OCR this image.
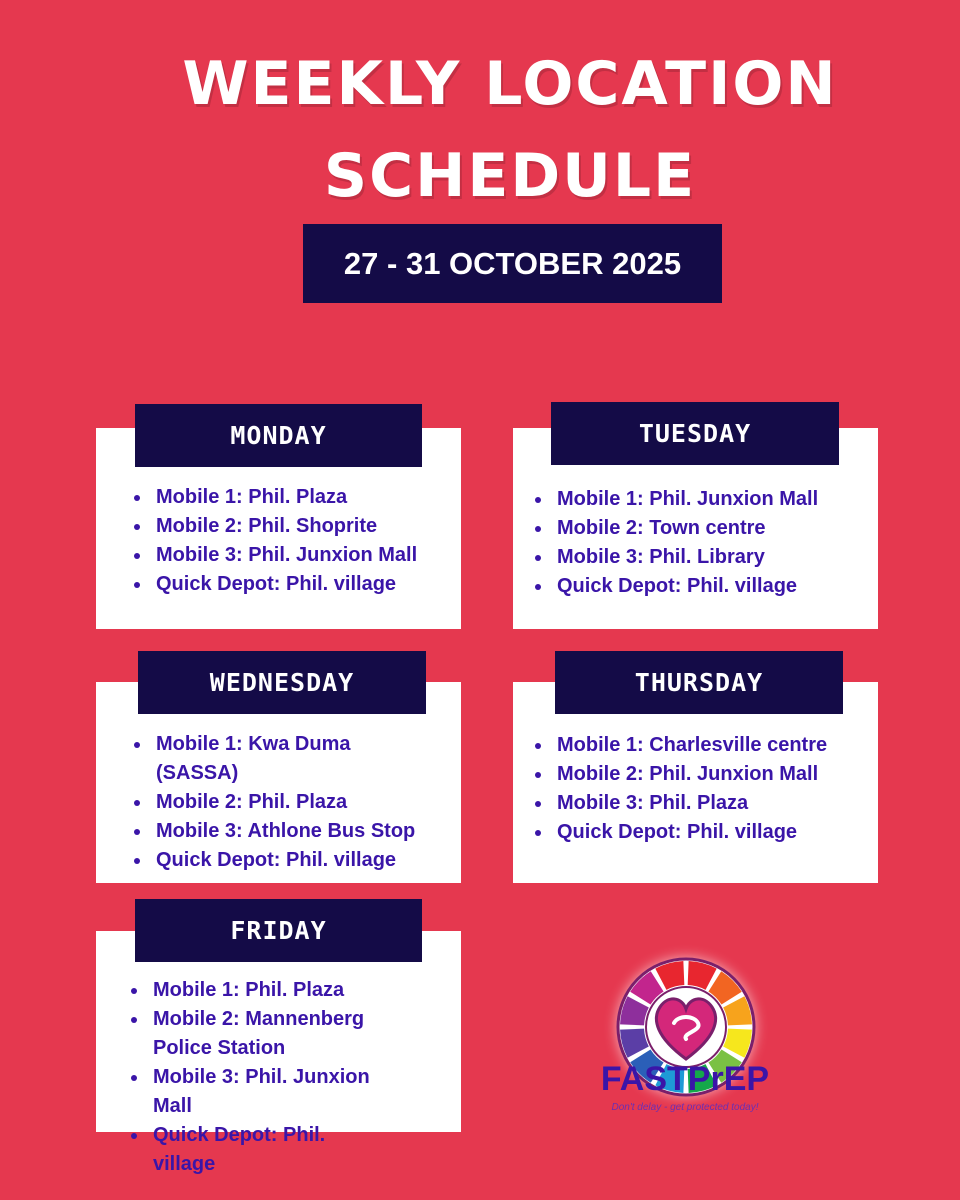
WEEKLY LOCATION
SCHEDULE
27 - 31 OCTOBER 2025
Mobile 1: Phil. Plaza
Mobile 2: Phil. Shoprite
Mobile 3: Phil. Junxion Mall
Quick Depot: Phil. village
MONDAY
Mobile 1: Phil. Junxion Mall
Mobile 2: Town centre
Mobile 3: Phil. Library
Quick Depot: Phil. village
TUESDAY
Mobile 1: Kwa Duma (SASSA)
Mobile 2: Phil. Plaza
Mobile 3: Athlone Bus Stop
Quick Depot: Phil. village
WEDNESDAY
Mobile 1: Charlesville centre
Mobile 2: Phil. Junxion Mall
Mobile 3: Phil. Plaza
Quick Depot: Phil. village
THURSDAY
Mobile 1: Phil. Plaza
Mobile 2: Mannenberg Police Station
Mobile 3: Phil. Junxion Mall
Quick Depot: Phil. village
FRIDAY
FASTPrEP
Don't delay - get protected today!
